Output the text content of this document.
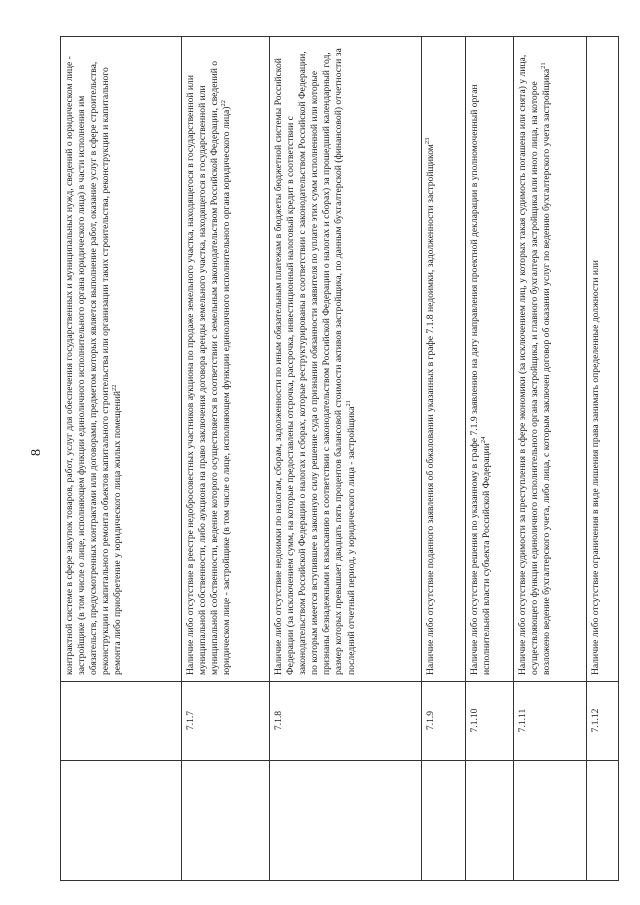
8
		контрактной системе в сфере закупок товаров, работ, услуг для обеспечения государственных и муниципальных нужд, сведений о юридическом лице - застройщике (в том числе о лице, исполняющем функции единоличного исполнительного органа юридического лица) в части исполнения им обязательств, предусмотренных контрактами или договорами, предметом которых является выполнение работ, оказание услуг в сфере строительства, реконструкции и капитального ремонта объектов капитального строительства или организации таких строительства, реконструкции и капитального ремонта либо приобретение у юридического лица жилых помещений$^{22}$
	7.1.7	Наличие либо отсутствие в реестре недобросовестных участников аукциона по продаже земельного участка, находящегося в государственной или муниципальной собственности, либо аукциона на право заключения договора аренды земельного участка, находящегося в государственной или муниципальной собственности, ведение которого осуществляется в соответствии с земельным законодательством Российской Федерации, сведений о юридическом лице - застройщике (в том числе о лице, исполняющем функции единоличного исполнительного органа юридического лица)$^{22}$
	7.1.8	Наличие либо отсутствие недоимки по налогам, сборам, задолженности по иным обязательным платежам в бюджеты бюджетной системы Российской Федерации (за исключением сумм, на которые предоставлены отсрочка, рассрочка, инвестиционный налоговый кредит в соответствии с законодательством Российской Федерации о налогах и сборах, которые реструктурированы в соответствии с законодательством Российской Федерации, по которым имеется вступившее в законную силу решение суда о признании обязанности заявителя по уплате этих сумм исполненной или которые признаны безнадежными к взысканию в соответствии с законодательством Российской Федерации о налогах и сборах) за прошедший календарный год, размер которых превышает двадцать пять процентов балансовой стоимости активов застройщика, по данным бухгалтерской (финансовой) отчетности за последний отчетный период, у юридического лица - застройщика$^{21}$
	7.1.9	Наличие либо отсутствие поданного заявления об обжаловании указанных в графе 7.1.8 недоимки, задолженности застройщиком$^{23}$
	7.1.10	Наличие либо отсутствие решения по указанному в графе 7.1.9 заявлению на дату направления проектной декларации в уполномоченный орган исполнительной власти субъекта Российской Федерации$^{24}$
	7.1.11	Наличие либо отсутствие судимости за преступления в сфере экономики (за исключением лиц, у которых такая судимость погашена или снята) у лица, осуществляющего функции единоличного исполнительного органа застройщика, и главного бухгалтера застройщика или иного лица, на которое возложено ведение бухгалтерского учета, либо лица, с которым заключен договор об оказании услуг по ведению бухгалтерского учета застройщика$^{21}$
	7.1.12	Наличие либо отсутствие ограничения в виде лишения права занимать определенные должности или
